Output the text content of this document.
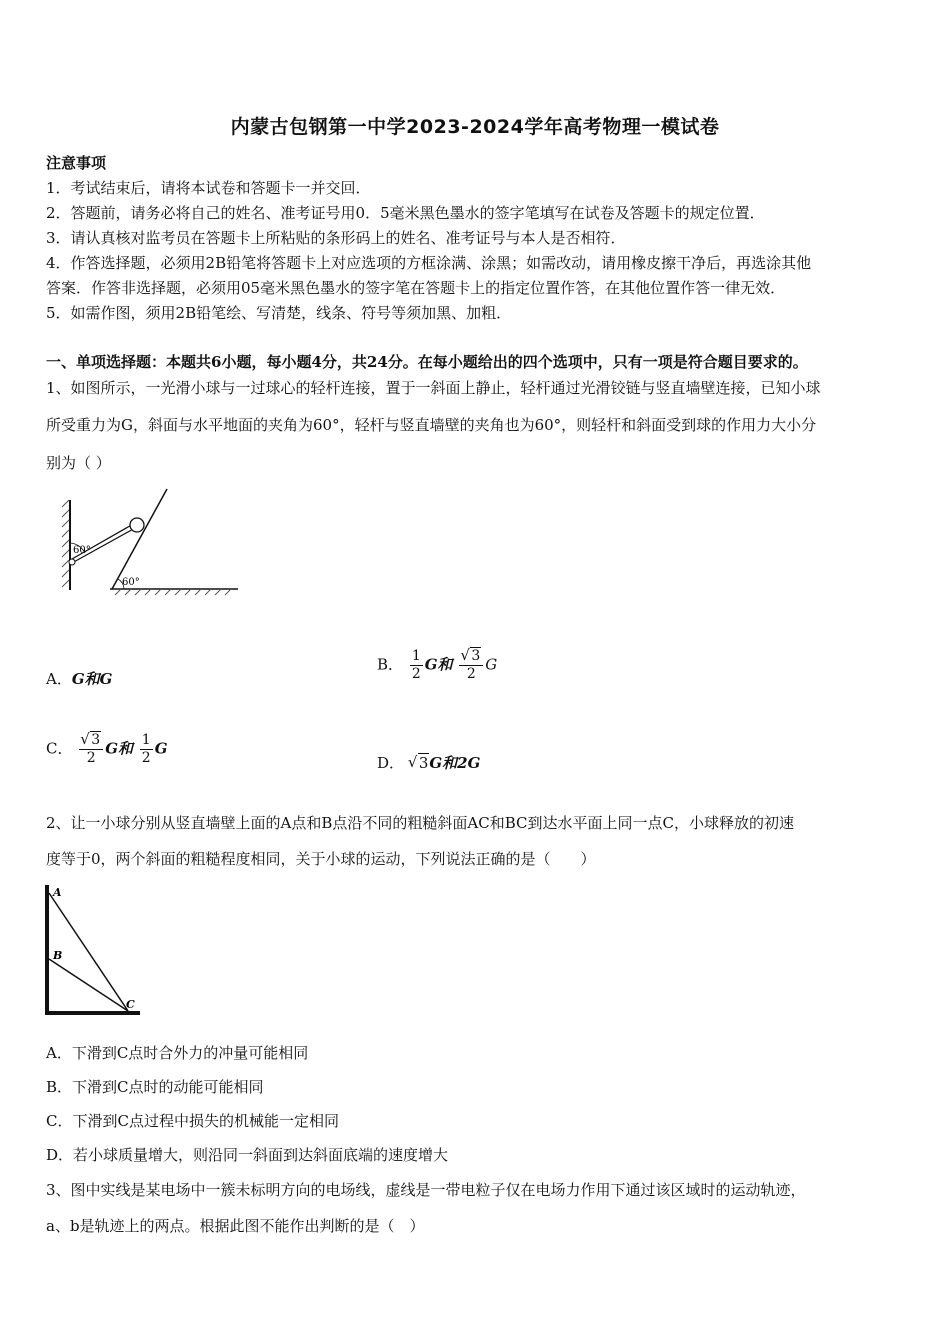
内蒙古包钢第一中学2023-2024学年高考物理一模试卷
注意事项
1．考试结束后，请将本试卷和答题卡一并交回．
2．答题前，请务必将自己的姓名、准考证号用0．5毫米黑色墨水的签字笔填写在试卷及答题卡的规定位置．
3．请认真核对监考员在答题卡上所粘贴的条形码上的姓名、准考证号与本人是否相符．
4．作答选择题，必须用2B铅笔将答题卡上对应选项的方框涂满、涂黑；如需改动，请用橡皮擦干净后，再选涂其他
答案．作答非选择题，必须用05毫米黑色墨水的签字笔在答题卡上的指定位置作答，在其他位置作答一律无效．
5．如需作图，须用2B铅笔绘、写清楚，线条、符号等须加黑、加粗．
一、单项选择题：本题共6小题，每小题4分，共24分。在每小题给出的四个选项中，只有一项是符合题目要求的。
1、如图所示，一光滑小球与一过球心的轻杆连接，置于一斜面上静止，轻杆通过光滑铰链与竖直墙壁连接，已知小球
所受重力为G，斜面与水平地面的夹角为60°，轻杆与竖直墙壁的夹角也为60°，则轻杆和斜面受到球的作用力大小分
别为（ ）
60°
60°
A．G和G
B． $\frac{1}{2}$ G和 √ $\frac{3}{2}$ G
C． √ $\frac{3}{2}$ G和 $\frac{1}{2}$ G
D． √ 3G和2G
2、让一小球分别从竖直墙壁上面的A点和B点沿不同的粗糙斜面AC和BC到达水平面上同一点C，小球释放的初速
度等于0，两个斜面的粗糙程度相同，关于小球的运动，下列说法正确的是（　　）
A
B
C
A．下滑到C点时合外力的冲量可能相同
B．下滑到C点时的动能可能相同
C．下滑到C点过程中损失的机械能一定相同
D．若小球质量增大，则沿同一斜面到达斜面底端的速度增大
3、图中实线是某电场中一簇未标明方向的电场线，虚线是一带电粒子仅在电场力作用下通过该区域时的运动轨迹，
a、b是轨迹上的两点。根据此图不能作出判断的是（　）
